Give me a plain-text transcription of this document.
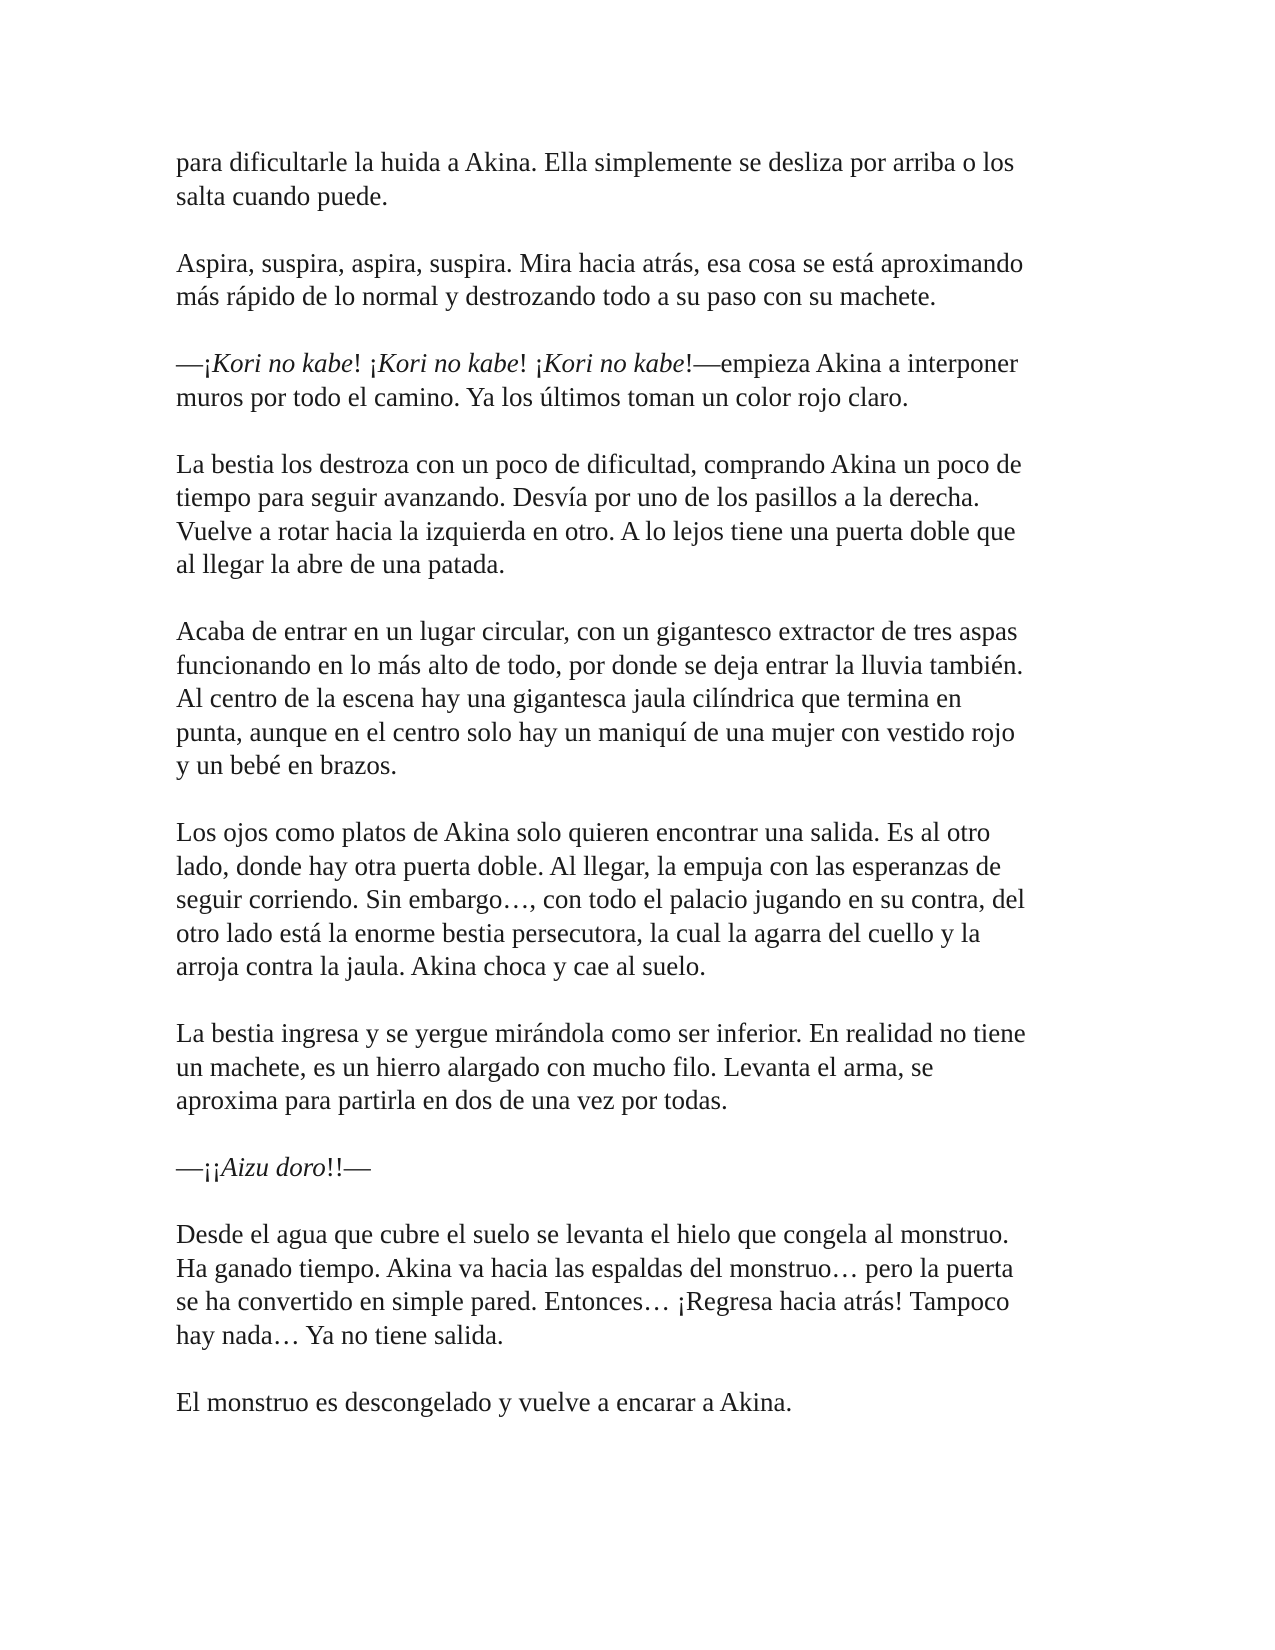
para dificultarle la huida a Akina. Ella simplemente se desliza por arriba o los
salta cuando puede.

Aspira, suspira, aspira, suspira. Mira hacia atrás, esa cosa se está aproximando
más rápido de lo normal y destrozando todo a su paso con su machete.

—¡Kori no kabe! ¡Kori no kabe! ¡Kori no kabe!—empieza Akina a interponer
muros por todo el camino. Ya los últimos toman un color rojo claro.

La bestia los destroza con un poco de dificultad, comprando Akina un poco de
tiempo para seguir avanzando. Desvía por uno de los pasillos a la derecha.
Vuelve a rotar hacia la izquierda en otro. A lo lejos tiene una puerta doble que
al llegar la abre de una patada.

Acaba de entrar en un lugar circular, con un gigantesco extractor de tres aspas
funcionando en lo más alto de todo, por donde se deja entrar la lluvia también.
Al centro de la escena hay una gigantesca jaula cilíndrica que termina en
punta, aunque en el centro solo hay un maniquí de una mujer con vestido rojo
y un bebé en brazos.

Los ojos como platos de Akina solo quieren encontrar una salida. Es al otro
lado, donde hay otra puerta doble. Al llegar, la empuja con las esperanzas de
seguir corriendo. Sin embargo…, con todo el palacio jugando en su contra, del
otro lado está la enorme bestia persecutora, la cual la agarra del cuello y la
arroja contra la jaula. Akina choca y cae al suelo.

La bestia ingresa y se yergue mirándola como ser inferior. En realidad no tiene
un machete, es un hierro alargado con mucho filo. Levanta el arma, se
aproxima para partirla en dos de una vez por todas.

—¡¡Aizu doro!!—

Desde el agua que cubre el suelo se levanta el hielo que congela al monstruo.
Ha ganado tiempo. Akina va hacia las espaldas del monstruo… pero la puerta
se ha convertido en simple pared. Entonces… ¡Regresa hacia atrás! Tampoco
hay nada… Ya no tiene salida.

El monstruo es descongelado y vuelve a encarar a Akina.
